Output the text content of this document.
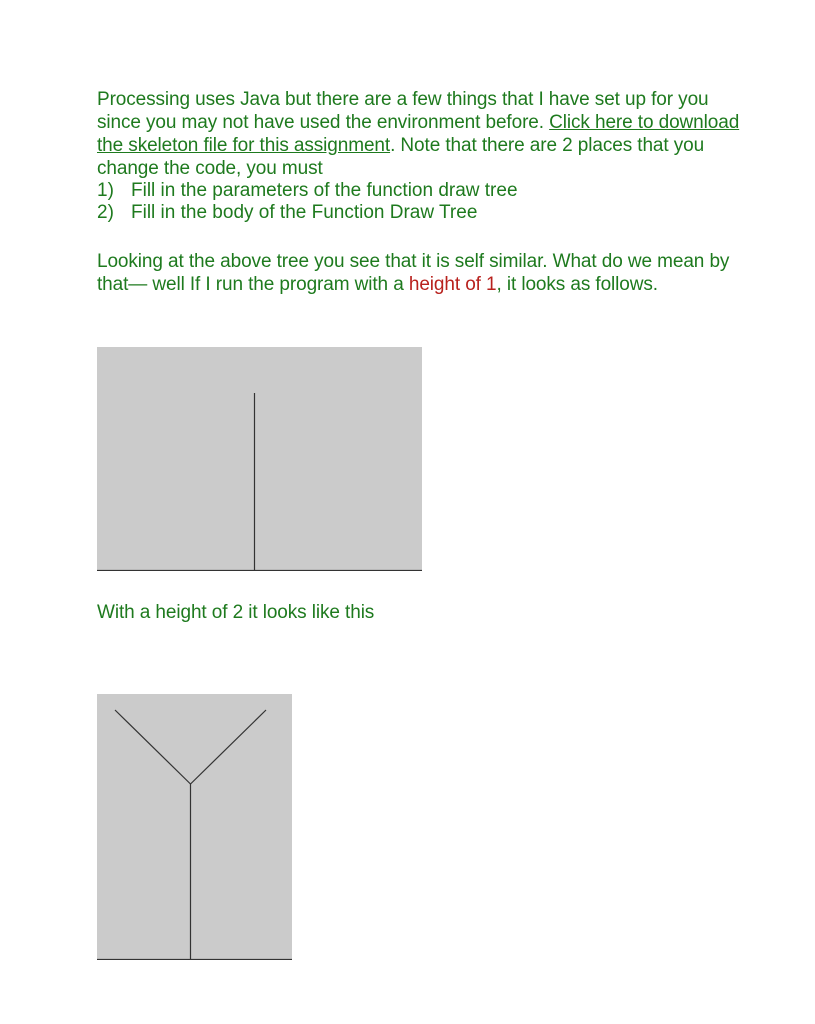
Processing uses Java but there are a few things that I have set up for you since you may not have used the environment before. Click here to download the skeleton file for this assignment. Note that there are 2 places that you change the code, you must

1) Fill in the parameters of the function draw tree
2) Fill in the body of the Function Draw Tree

Looking at the above tree you see that it is self similar. What do we mean by that— well If I run the program with a height of 1, it looks as follows.

With a height of 2 it looks like this
